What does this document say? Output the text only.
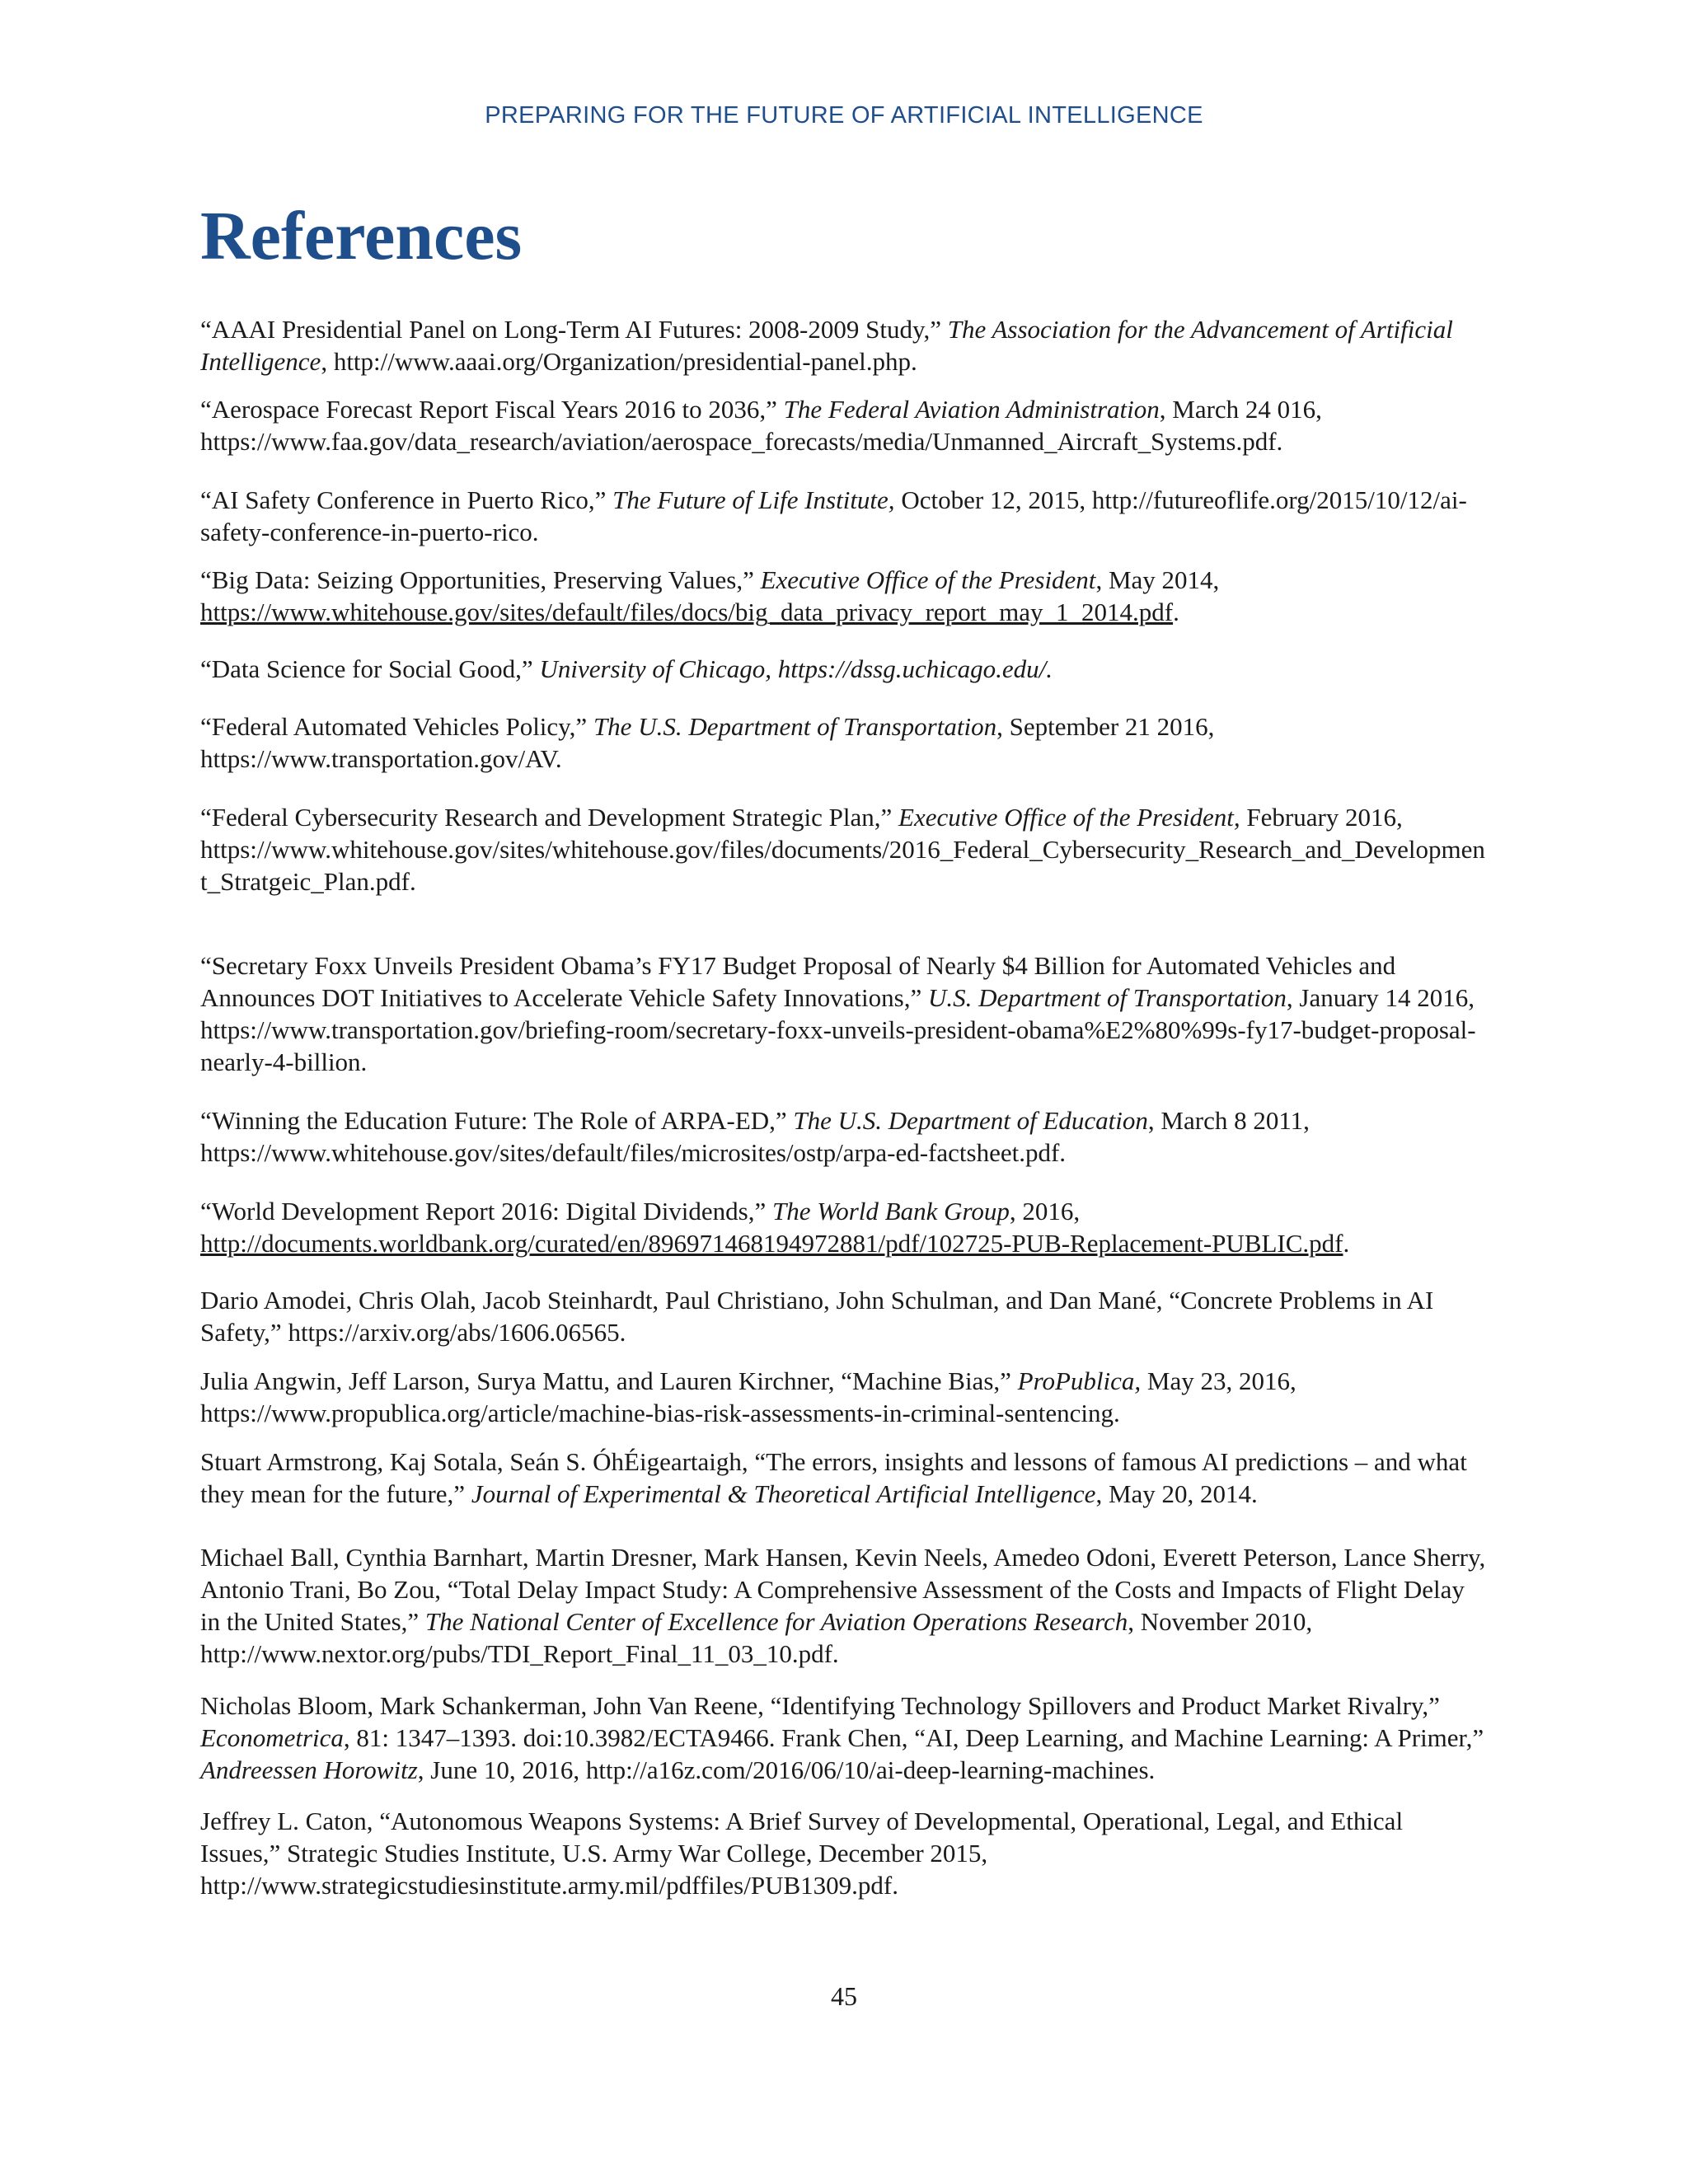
PREPARING FOR THE FUTURE OF ARTIFICIAL INTELLIGENCE
References

“AAAI Presidential Panel on Long-Term AI Futures: 2008-2009 Study,” The Association for the Advancement of Artificial Intelligence, http://www.aaai.org/Organization/presidential-panel.php.

“Aerospace Forecast Report Fiscal Years 2016 to 2036,” The Federal Aviation Administration, March 24 016, https://www.faa.gov/data_research/aviation/aerospace_forecasts/media/Unmanned_Aircraft_Systems.pdf.

“AI Safety Conference in Puerto Rico,” The Future of Life Institute, October 12, 2015, http://futureoflife.org/2015/10/12/ai-safety-conference-in-puerto-rico.

“Big Data: Seizing Opportunities, Preserving Values,” Executive Office of the President, May 2014, https://www.whitehouse.gov/sites/default/files/docs/big_data_privacy_report_may_1_2014.pdf.

“Data Science for Social Good,” University of Chicago, https://dssg.uchicago.edu/.

“Federal Automated Vehicles Policy,” The U.S. Department of Transportation, September 21 2016, https://www.transportation.gov/AV.

“Federal Cybersecurity Research and Development Strategic Plan,” Executive Office of the President, February 2016, https://www.whitehouse.gov/sites/whitehouse.gov/files/documents/2016_Federal_Cybersecurity_Research_and_Development_Stratgeic_Plan.pdf.

“Secretary Foxx Unveils President Obama’s FY17 Budget Proposal of Nearly $4 Billion for Automated Vehicles and Announces DOT Initiatives to Accelerate Vehicle Safety Innovations,” U.S. Department of Transportation, January 14 2016, https://www.transportation.gov/briefing-room/secretary-foxx-unveils-president-obama%E2%80%99s-fy17-budget-proposal-nearly-4-billion.

“Winning the Education Future: The Role of ARPA-ED,” The U.S. Department of Education, March 8 2011, https://www.whitehouse.gov/sites/default/files/microsites/ostp/arpa-ed-factsheet.pdf.

“World Development Report 2016: Digital Dividends,” The World Bank Group, 2016, http://documents.worldbank.org/curated/en/896971468194972881/pdf/102725-PUB-Replacement-PUBLIC.pdf.

Dario Amodei, Chris Olah, Jacob Steinhardt, Paul Christiano, John Schulman, and Dan Mané, “Concrete Problems in AI Safety,” https://arxiv.org/abs/1606.06565.

Julia Angwin, Jeff Larson, Surya Mattu, and Lauren Kirchner, “Machine Bias,” ProPublica, May 23, 2016, https://www.propublica.org/article/machine-bias-risk-assessments-in-criminal-sentencing.

Stuart Armstrong, Kaj Sotala, Seán S. ÓhÉigeartaigh, “The errors, insights and lessons of famous AI predictions – and what they mean for the future,” Journal of Experimental & Theoretical Artificial Intelligence, May 20, 2014.

Michael Ball, Cynthia Barnhart, Martin Dresner, Mark Hansen, Kevin Neels, Amedeo Odoni, Everett Peterson, Lance Sherry, Antonio Trani, Bo Zou, “Total Delay Impact Study: A Comprehensive Assessment of the Costs and Impacts of Flight Delay in the United States,” The National Center of Excellence for Aviation Operations Research, November 2010, http://www.nextor.org/pubs/TDI_Report_Final_11_03_10.pdf.

Nicholas Bloom, Mark Schankerman, John Van Reene, “Identifying Technology Spillovers and Product Market Rivalry,” Econometrica, 81: 1347–1393. doi:10.3982/ECTA9466. Frank Chen, “AI, Deep Learning, and Machine Learning: A Primer,” Andreessen Horowitz, June 10, 2016, http://a16z.com/2016/06/10/ai-deep-learning-machines.

Jeffrey L. Caton, “Autonomous Weapons Systems: A Brief Survey of Developmental, Operational, Legal, and Ethical Issues,” Strategic Studies Institute, U.S. Army War College, December 2015, http://www.strategicstudiesinstitute.army.mil/pdffiles/PUB1309.pdf.

45
